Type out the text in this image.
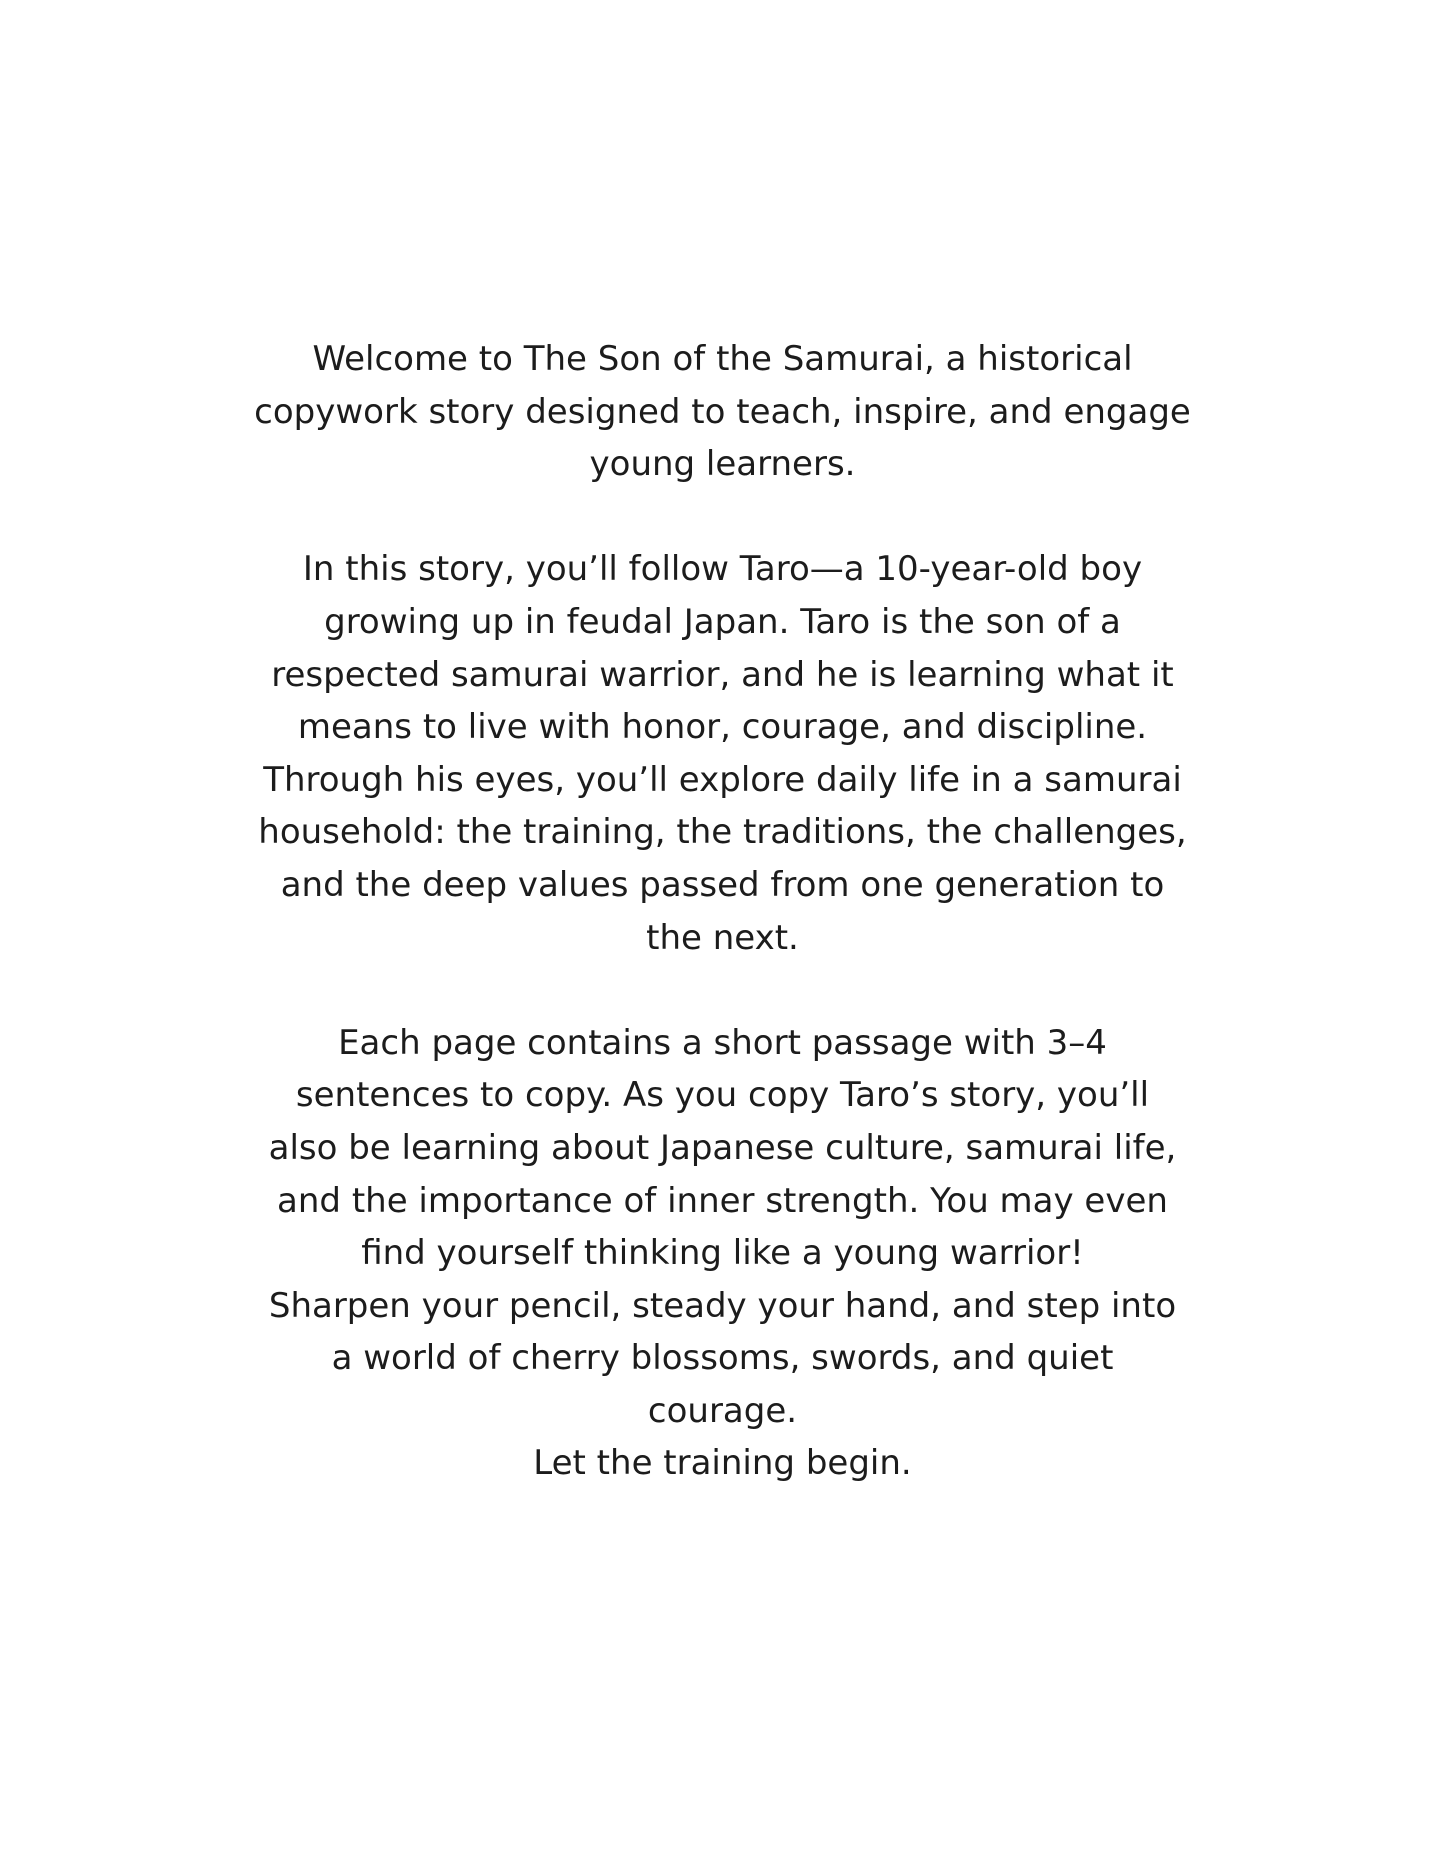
Welcome to The Son of the Samurai, a historical
copywork story designed to teach, inspire, and engage
young learners.

In this story, you’ll follow Taro—a 10-year-old boy
growing up in feudal Japan. Taro is the son of a
respected samurai warrior, and he is learning what it
means to live with honor, courage, and discipline.
Through his eyes, you’ll explore daily life in a samurai
household: the training, the traditions, the challenges,
and the deep values passed from one generation to
the next.

Each page contains a short passage with 3–4
sentences to copy. As you copy Taro’s story, you’ll
also be learning about Japanese culture, samurai life,
and the importance of inner strength. You may even
find yourself thinking like a young warrior!
Sharpen your pencil, steady your hand, and step into
a world of cherry blossoms, swords, and quiet
courage.
Let the training begin.
